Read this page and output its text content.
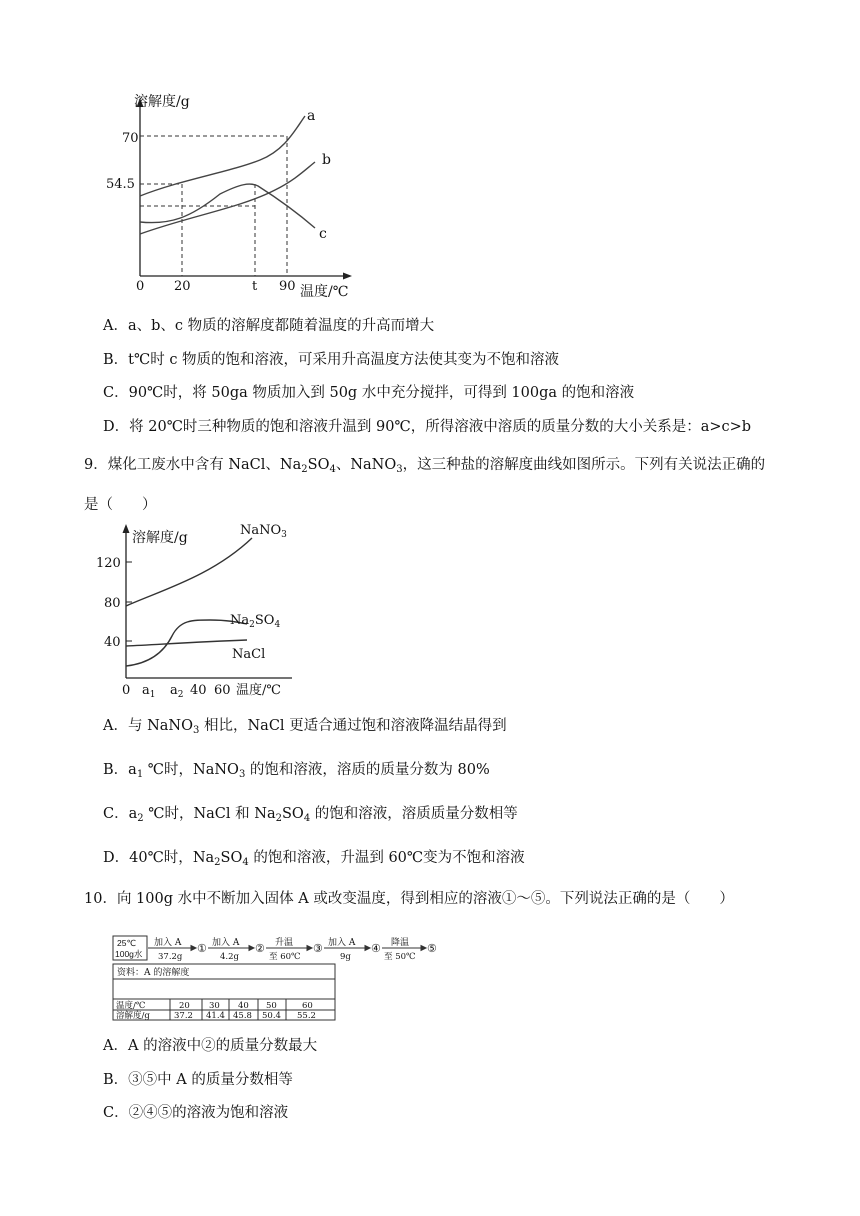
溶解度/g
70
54.5
0 20	t 90 温度/℃
a
b
c
A．a、b、c 物质的溶解度都随着温度的升高而增大
B．t℃时 c 物质的饱和溶液，可采用升高温度方法使其变为不饱和溶液
C．90℃时，将 50ga 物质加入到 50g 水中充分搅拌，可得到 100ga 的饱和溶液
D．将 20℃时三种物质的饱和溶液升温到 90℃，所得溶液中溶质的质量分数的大小关系是：a>c>b
9．煤化工废水中含有 NaCl、$Na_2SO_4$、NaNO$_3$，这三种盐的溶解度曲线如图所示。下列有关说法正确的
是（　　）
120
80
40
0 $a_1$ $a_2$ 40 60 温度/℃
溶解度/g	NaNO$_3$
$Na_2SO_4$
NaCl
A．与 NaNO$_3$ 相比，NaCl 更适合通过饱和溶液降温结晶得到
B．$a_1$ ℃时，NaNO$_3$ 的饱和溶液，溶质的质量分数为 80%
C．$a_2$ ℃时，NaCl 和 $Na_2SO_4$ 的饱和溶液，溶质质量分数相等
D．40℃时，$Na_2SO_4$ 的饱和溶液，升温到 60℃变为不饱和溶液
10．向 100g 水中不断加入固体 A 或改变温度，得到相应的溶液①～⑤。下列说法正确的是（　　）
25℃
100g水
加入 A
37.2g
① 加入 A
4.2g
② 升温
至 60℃
③ 加入 A
9g
④ 降温
至 50℃
⑤
资料：A 的溶解度
温度/℃	20 30 40 50	60
溶解度/g	37.2 41.4 45.8 50.4 55.2
A．A 的溶液中②的质量分数最大
B．③⑤中 A 的质量分数相等
C．②④⑤的溶液为饱和溶液
